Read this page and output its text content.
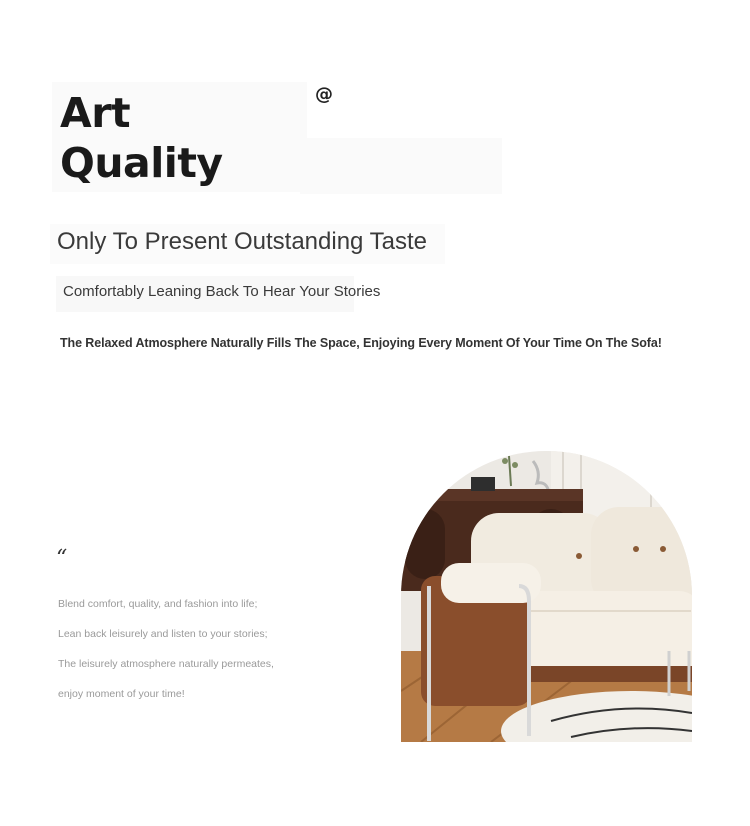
Art
Quality
@
Only To Present Outstanding Taste
Comfortably Leaning Back To Hear Your Stories
The Relaxed Atmosphere Naturally Fills The Space, Enjoying Every Moment Of Your Time On The Sofa!
“
Blend comfort, quality, and fashion into life;
Lean back leisurely and listen to your stories;
The leisurely atmosphere naturally permeates,
enjoy moment of your time!
